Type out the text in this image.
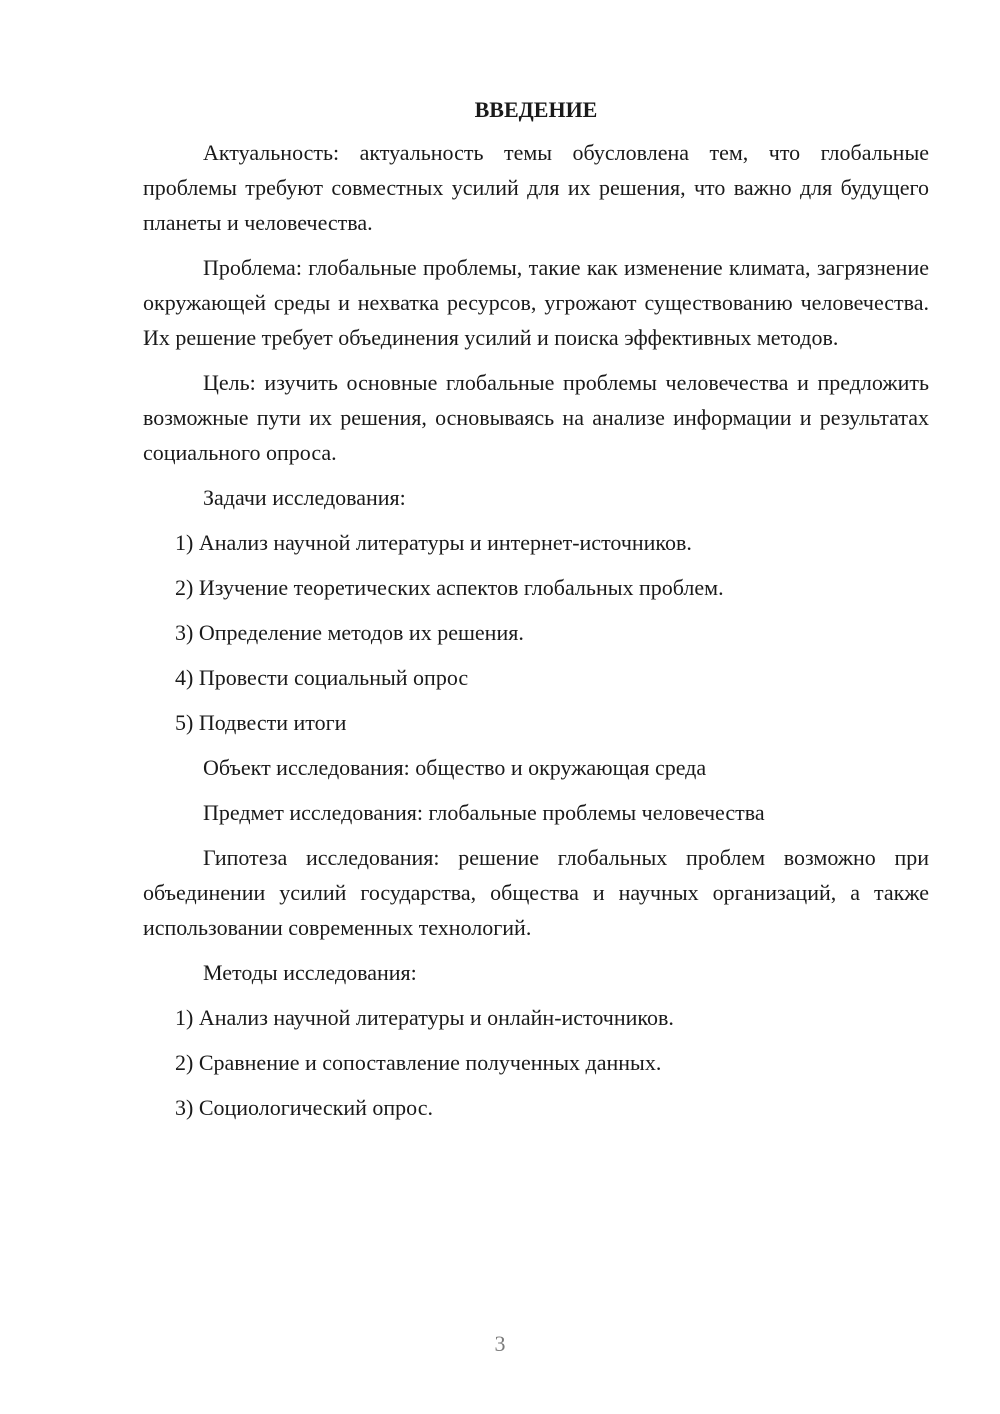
ВВЕДЕНИЕ

Актуальность: актуальность темы обусловлена тем, что глобальные проблемы требуют совместных усилий для их решения, что важно для будущего планеты и человечества.

Проблема: глобальные проблемы, такие как изменение климата, загрязнение окружающей среды и нехватка ресурсов, угрожают существованию человечества. Их решение требует объединения усилий и поиска эффективных методов.

Цель: изучить основные глобальные проблемы человечества и предложить возможные пути их решения, основываясь на анализе информации и результатах социального опроса.

Задачи исследования:

1) Анализ научной литературы и интернет-источников.
2) Изучение теоретических аспектов глобальных проблем.
3) Определение методов их решения.
4) Провести социальный опрос
5) Подвести итоги

Объект исследования: общество и окружающая среда

Предмет исследования: глобальные проблемы человечества

Гипотеза исследования: решение глобальных проблем возможно при объединении усилий государства, общества и научных организаций, а также использовании современных технологий.

Методы исследования:

1) Анализ научной литературы и онлайн-источников.
2) Сравнение и сопоставление полученных данных.
3) Социологический опрос.
3
